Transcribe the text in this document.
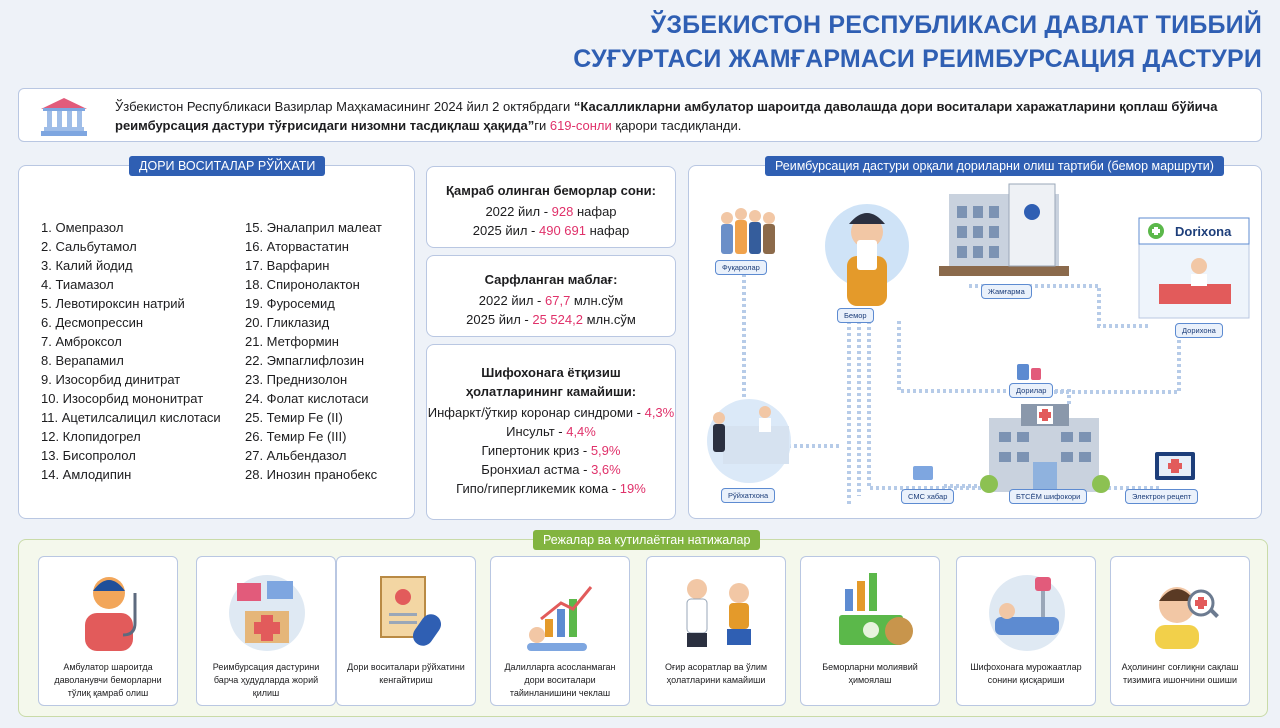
ЎЗБЕКИСТОН РЕСПУБЛИКАСИ ДАВЛАТ ТИББИЙ
СУҒУРТАСИ ЖАМҒАРМАСИ РЕИМБУРСАЦИЯ ДАСТУРИ
Ўзбекистон Республикаси Вазирлар Маҳкамасининг 2024 йил 2 октябрдаги “Касалликларни амбулатор шароитда даволашда дори воситалари харажатларини қоплаш бўйича реимбурсация дастури тўғрисидаги низомни тасдиқлаш ҳақида”ги 619-сонли қарори тасдиқланди.
ДОРИ ВОСИТАЛАР РЎЙХАТИ
1. Омепразол
2. Сальбутамол
3. Калий йодид
4. Тиамазол
5. Левотироксин натрий
6. Десмопрессин
7. Амброксол
8. Верапамил
9. Изосорбид динитрат
10. Изосорбид мононитрат
11. Ацетилсалицил кислотаси
12. Клопидогрел
13. Бисопролол
14. Амлодипин
15. Эналаприл малеат
16. Аторвастатин
17. Варфарин
18. Спиронолактон
19. Фуросемид
20. Гликлазид
21. Метформин
22. Эмпаглифлозин
23. Преднизолон
24. Фолат кислотаси
25. Темир Fe (II)
26. Темир Fe (III)
27. Альбендазол
28. Инозин пранобекс
Қамраб олинган беморлар сони:
2022 йил - 928 нафар
2025 йил - 490 691 нафар
Сарфланган маблағ:
2022 йил - 67,7 млн.сўм
2025 йил - 25 524,2 млн.сўм
Шифохонага ётқизиш ҳолатларининг камайиши:
Инфаркт/ўткир коронар синдроми - 4,3%
Инсульт - 4,4%
Гипертоник криз - 5,9%
Бронхиал астма - 3,6%
Гипо/гипергликемик кома - 19%
Реимбурсация дастури орқали дориларни олиш тартиби (бемор маршрути)
Dorixona
Фуқаролар
Бемор
Жамғарма
Дорихона
Дорилар
Рўйхатхона	СМС хабар	БТСЁМ шифокори	Электрон рецепт
Режалар ва кутилаётган натижалар
Амбулатор шароитда даволанувчи беморларни тўлиқ қамраб олиш
Реимбурсация дастурини барча ҳудудларда жорий қилиш
Дори воситалари рўйхатини кенгайтириш
Далилларга асосланмаган дори воситалари тайинланишини чеклаш
Оғир асоратлар ва ўлим ҳолатларини камайиши
Беморларни молиявий ҳимоялаш
Шифохонага мурожаатлар сонини қисқариши
Аҳолининг соғлиқни сақлаш тизимига ишончини ошиши
